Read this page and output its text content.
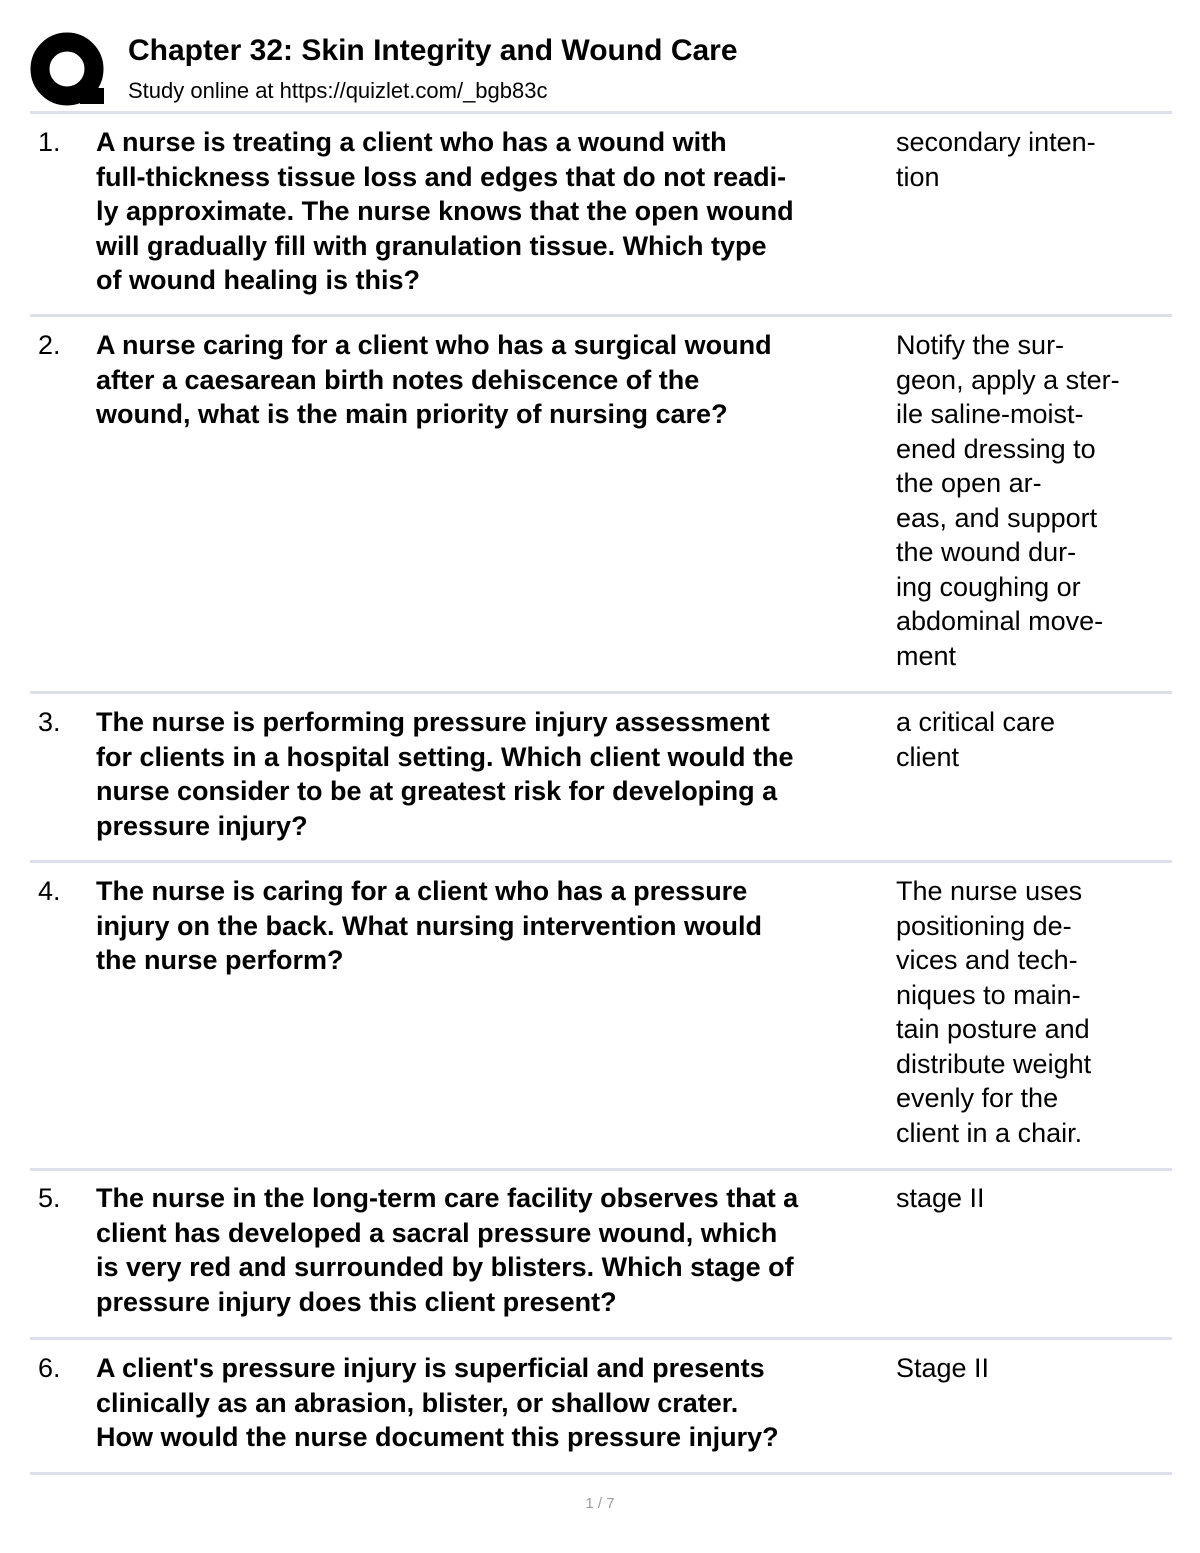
Chapter 32: Skin Integrity and Wound Care
Study online at https://quizlet.com/_bgb83c
1. A nurse is treating a client who has a wound with
full-thickness tissue loss and edges that do not readi-
ly approximate. The nurse knows that the open wound
will gradually fill with granulation tissue. Which type
of wound healing is this?
secondary inten-
tion
2. A nurse caring for a client who has a surgical wound
after a caesarean birth notes dehiscence of the
wound, what is the main priority of nursing care?
Notify the sur-
geon, apply a ster-
ile saline-moist-
ened dressing to
the open ar-
eas, and support
the wound dur-
ing coughing or
abdominal move-
ment
3. The nurse is performing pressure injury assessment
for clients in a hospital setting. Which client would the
nurse consider to be at greatest risk for developing a
pressure injury?
a critical care
client
4. The nurse is caring for a client who has a pressure
injury on the back. What nursing intervention would
the nurse perform?
The nurse uses
positioning de-
vices and tech-
niques to main-
tain posture and
distribute weight
evenly for the
client in a chair.
5. The nurse in the long-term care facility observes that a
client has developed a sacral pressure wound, which
is very red and surrounded by blisters. Which stage of
pressure injury does this client present?
stage II
6. A client's pressure injury is superficial and presents
clinically as an abrasion, blister, or shallow crater.
How would the nurse document this pressure injury?
Stage II
1 / 7
